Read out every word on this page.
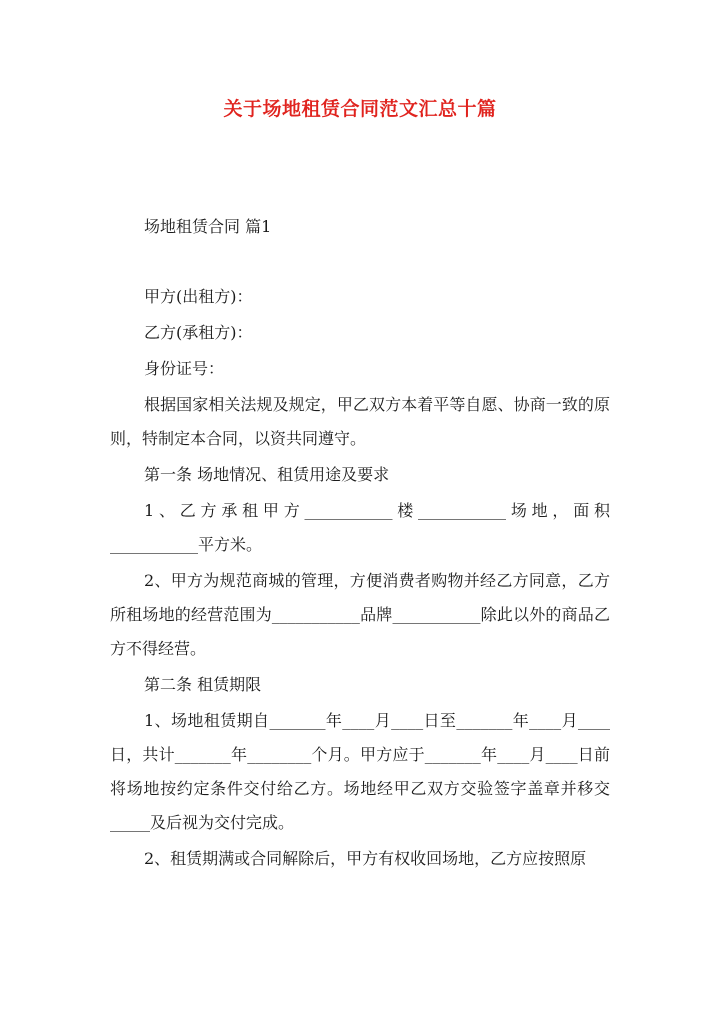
关于场地租赁合同范文汇总十篇

场地租赁合同 篇1

甲方(出租方)：

乙方(承租方)：

身份证号：

根据国家相关法规及规定，甲乙双方本着平等自愿、协商一致的原则，特制定本合同，以资共同遵守。

第一条 场地情况、租赁用途及要求

1、乙方承租甲方___________楼___________场地，面积___________平方米。

2、甲方为规范商城的管理，方便消费者购物并经乙方同意，乙方所租场地的经营范围为___________品牌___________除此以外的商品乙方不得经营。

第二条 租赁期限

1、场地租赁期自_______年____月____日至_______年____月____日，共计_______年________个月。甲方应于_______年____月____日前将场地按约定条件交付给乙方。场地经甲乙双方交验签字盖章并移交_____及后视为交付完成。

2、租赁期满或合同解除后，甲方有权收回场地，乙方应按照原
